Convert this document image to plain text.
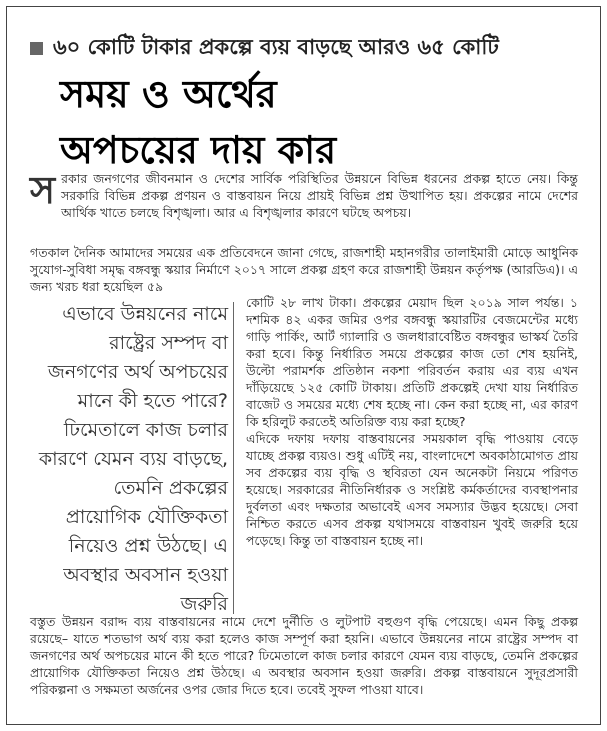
৬০ কোটি টাকার প্রকল্পে ব্যয় বাড়ছে আরও ৬৫ কোটি
সময় ও অর্থের
অপচয়ের দায় কার
স রকার জনগণের জীবনমান ও দেশের সার্বিক পরিস্থিতির উন্নয়নে বিভিন্ন ধরনের প্রকল্প হাতে নেয়। কিন্তু সরকারি বিভিন্ন প্রকল্প প্রণয়ন ও বাস্তবায়ন নিয়ে প্রায়ই বিভিন্ন প্রশ্ন উত্থাপিত হয়। প্রকল্পের নামে দেশের আর্থিক খাতে চলছে বিশৃঙ্খলা। আর এ বিশৃঙ্খলার কারণে ঘটছে অপচয়।
গতকাল দৈনিক আমাদের সময়ের এক প্রতিবেদনে জানা গেছে, রাজশাহী মহানগরীর তালাইমারী মোড়ে আধুনিক সুযোগ-সুবিধা সমৃদ্ধ বঙ্গবন্ধু স্কয়ার নির্মাণে ২০১৭ সালে প্রকল্প গ্রহণ করে রাজশাহী উন্নয়ন কর্তৃপক্ষ (আরডিএ)। এ জন্য খরচ ধরা হয়েছিল ৫৯
এভাবে উন্নয়নের নামে রাষ্ট্রের সম্পদ বা জনগণের অর্থ অপচয়ের মানে কী হতে পারে? ঢিমেতালে কাজ চলার কারণে যেমন ব্যয় বাড়ছে, তেমনি প্রকল্পের প্রায়োগিক যৌক্তিকতা নিয়েও প্রশ্ন উঠছে। এ অবস্থার অবসান হওয়া জরুরি

কোটি ২৮ লাখ টাকা। প্রকল্পের মেয়াদ ছিল ২০১৯ সাল পর্যন্ত। ১ দশমিক ৪২ একর জমির ওপর বঙ্গবন্ধু স্কয়ারটির বেজমেন্টের মধ্যে গাড়ি পার্কিং, আর্ট গ্যালারি ও জলধারাবেষ্টিত বঙ্গবন্ধুর ভাস্কর্য তৈরি করা হবে। কিন্তু নির্ধারিত সময়ে প্রকল্পের কাজ তো শেষ হয়নিই, উল্টো পরামর্শক প্রতিষ্ঠান নকশা পরিবর্তন করায় এর ব্যয় এখন দাঁড়িয়েছে ১২৫ কোটি টাকায়। প্রতিটি প্রকল্পেই দেখা যায় নির্ধারিত বাজেট ও সময়ের মধ্যে শেষ হচ্ছে না। কেন করা হচ্ছে না, এর কারণ কি হরিলুট করতেই অতিরিক্ত ব্যয় করা হচ্ছে?

এদিকে দফায় দফায় বাস্তবায়নের সময়কাল বৃদ্ধি পাওয়ায় বেড়ে যাচ্ছে প্রকল্প ব্যয়ও। শুধু এটিই নয়, বাংলাদেশে অবকাঠামোগত প্রায় সব প্রকল্পের ব্যয় বৃদ্ধি ও স্থবিরতা যেন অনেকটা নিয়মে পরিণত হয়েছে। সরকারের নীতিনির্ধারক ও সংশ্লিষ্ট কর্মকর্তাদের ব্যবস্থাপনার দুর্বলতা এবং দক্ষতার অভাবেই এসব সমস্যার উদ্ভব হয়েছে। সেবা নিশ্চিত করতে এসব প্রকল্প যথাসময়ে বাস্তবায়ন খুবই জরুরি হয়ে পড়েছে। কিন্তু তা বাস্তবায়ন হচ্ছে না।

বস্তুত উন্নয়ন বরাদ্দ ব্যয় বাস্তবায়নের নামে দেশে দুর্নীতি ও লুটপাট বহুগুণ বৃদ্ধি পেয়েছে। এমন কিছু প্রকল্প রয়েছে– যাতে শতভাগ অর্থ ব্যয় করা হলেও কাজ সম্পূর্ণ করা হয়নি। এভাবে উন্নয়নের নামে রাষ্ট্রের সম্পদ বা জনগণের অর্থ অপচয়ের মানে কী হতে পারে? ঢিমেতালে কাজ চলার কারণে যেমন ব্যয় বাড়ছে, তেমনি প্রকল্পের প্রায়োগিক যৌক্তিকতা নিয়েও প্রশ্ন উঠছে। এ অবস্থার অবসান হওয়া জরুরি। প্রকল্প বাস্তবায়নে সুদূরপ্রসারী পরিকল্পনা ও সক্ষমতা অর্জনের ওপর জোর দিতে হবে। তবেই সুফল পাওয়া যাবে।
